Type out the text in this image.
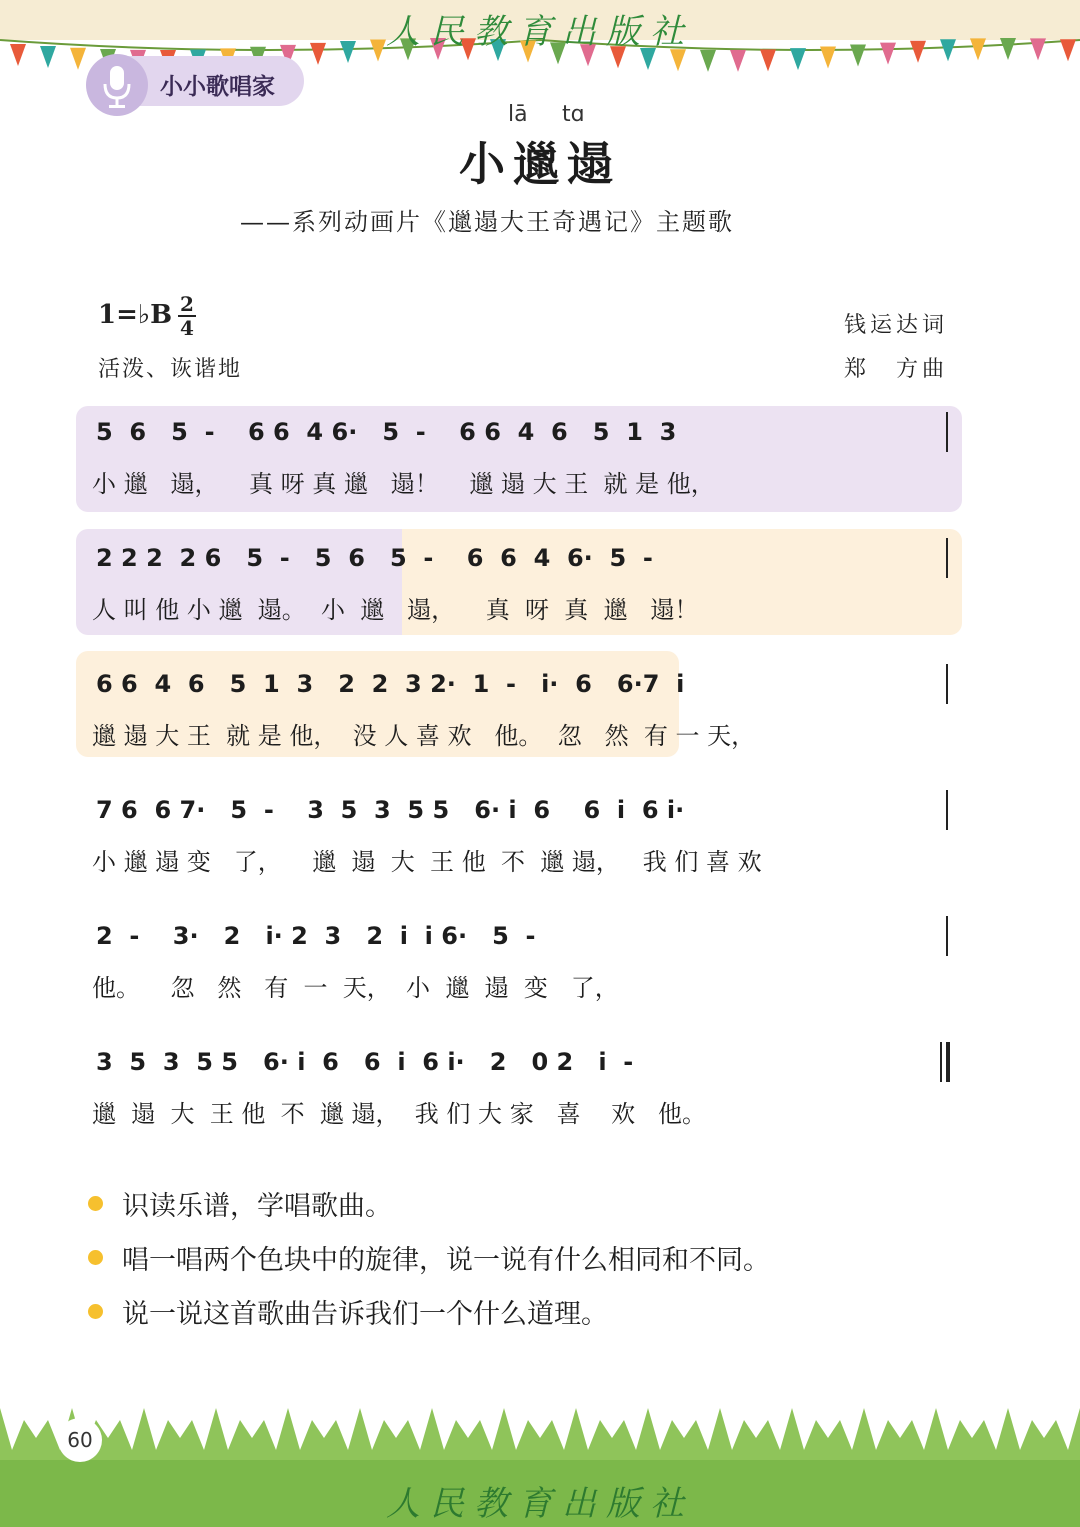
人民教育出版社
小小歌唱家
lā tɑ
小邋遢
——系列动画片《邋遢大王奇遇记》主题歌
1=♭B 2
4
活泼、诙谐地
钱运达词
郑　方曲
5  6   5  -    6 6  4 6·   5  -    6 6  4  6   5  1  3
小 邋   遢，    真 呀 真 邋   遢！    邋 遢 大 王  就 是 他，
2 2 2  2 6   5  -   5  6   5  -    6  6  4  6·  5  -
人 叫 他 小 邋  遢。  小  邋   遢，    真  呀  真  邋   遢！
6 6  4  6   5  1  3   2  2  3 2·  1  -   i·  6   6·7  i
邋 遢 大 王  就 是 他，  没 人 喜 欢   他。  忽   然  有 一 天，
7 6  6 7·   5  -    3  5  3  5 5   6· i  6    6  i  6 i·
小 邋 遢 变   了，    邋  遢  大  王 他  不  邋 遢，   我 们 喜 欢
2  -    3·   2   i· 2  3   2  i  i 6·   5  -
他。    忽   然   有  一  天，  小  邋  遢  变   了，
3  5  3  5 5   6· i  6   6  i  6 i·   2   0 2   i  -
邋  遢  大  王 他  不  邋 遢，  我 们 大 家   喜    欢   他。
识读乐谱，学唱歌曲。
唱一唱两个色块中的旋律，说一说有什么相同和不同。
说一说这首歌曲告诉我们一个什么道理。
60
人民教育出版社
